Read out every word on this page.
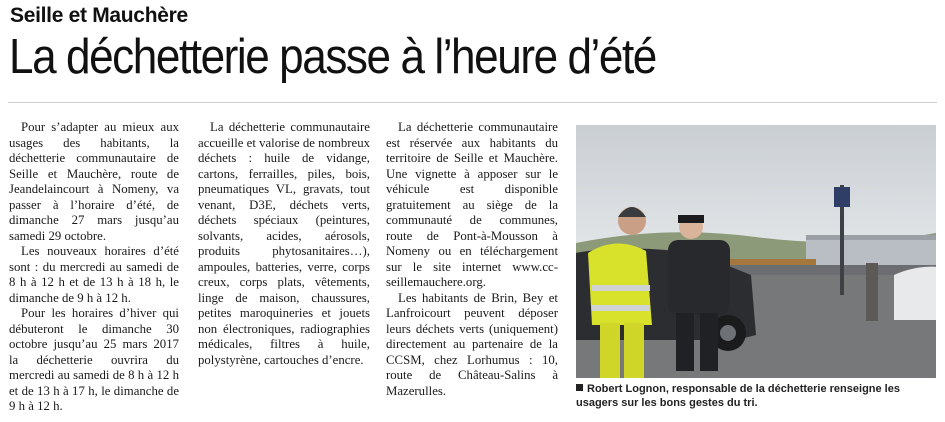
Seille et Mauchère
La déchetterie passe à l’heure d’été

Pour s’adapter au mieux aux usages des habitants, la déchetterie communautaire de Seille et Mauchère, route de Jeandelaincourt à Nomeny, va passer à l’horaire d’été, de dimanche 27 mars jusqu’au samedi 29 octobre.

Les nouveaux horaires d’été sont : du mercredi au samedi de 8 h à 12 h et de 13 h à 18 h, le dimanche de 9 h à 12 h.

Pour les horaires d’hiver qui débuteront le dimanche 30 octobre jusqu’au 25 mars 2017 la déchetterie ouvrira du mercredi au samedi de 8 h à 12 h et de 13 h à 17 h, le dimanche de 9 h à 12 h.

La déchetterie communautaire accueille et valorise de nombreux déchets : huile de vidange, cartons, ferrailles, piles, bois, pneumatiques VL, gravats, tout venant, D3E, déchets verts, déchets spéciaux (peintures, solvants, acides, aérosols, produits phytosanitaires…), ampoules, batteries, verre, corps creux, corps plats, vêtements, linge de maison, chaussures, petites maroquineries et jouets non électroniques, radiographies médicales, filtres à huile, polystyrène, cartouches d’encre.

La déchetterie communautaire est réservée aux habitants du territoire de Seille et Mauchère. Une vignette à apposer sur le véhicule est disponible gratuitement au siège de la communauté de communes, route de Pont-à-Mousson à Nomeny ou en téléchargement sur le site internet www.cc-seillemauchere.org.

Les habitants de Brin, Bey et Lanfroicourt peuvent déposer leurs déchets verts (uniquement) directement au partenaire de la CCSM, chez Lorhumus : 10, route de Château-Salins à Mazerulles.	Robert Lognon, responsable de la déchetterie renseigne les usagers sur les bons gestes du tri.
